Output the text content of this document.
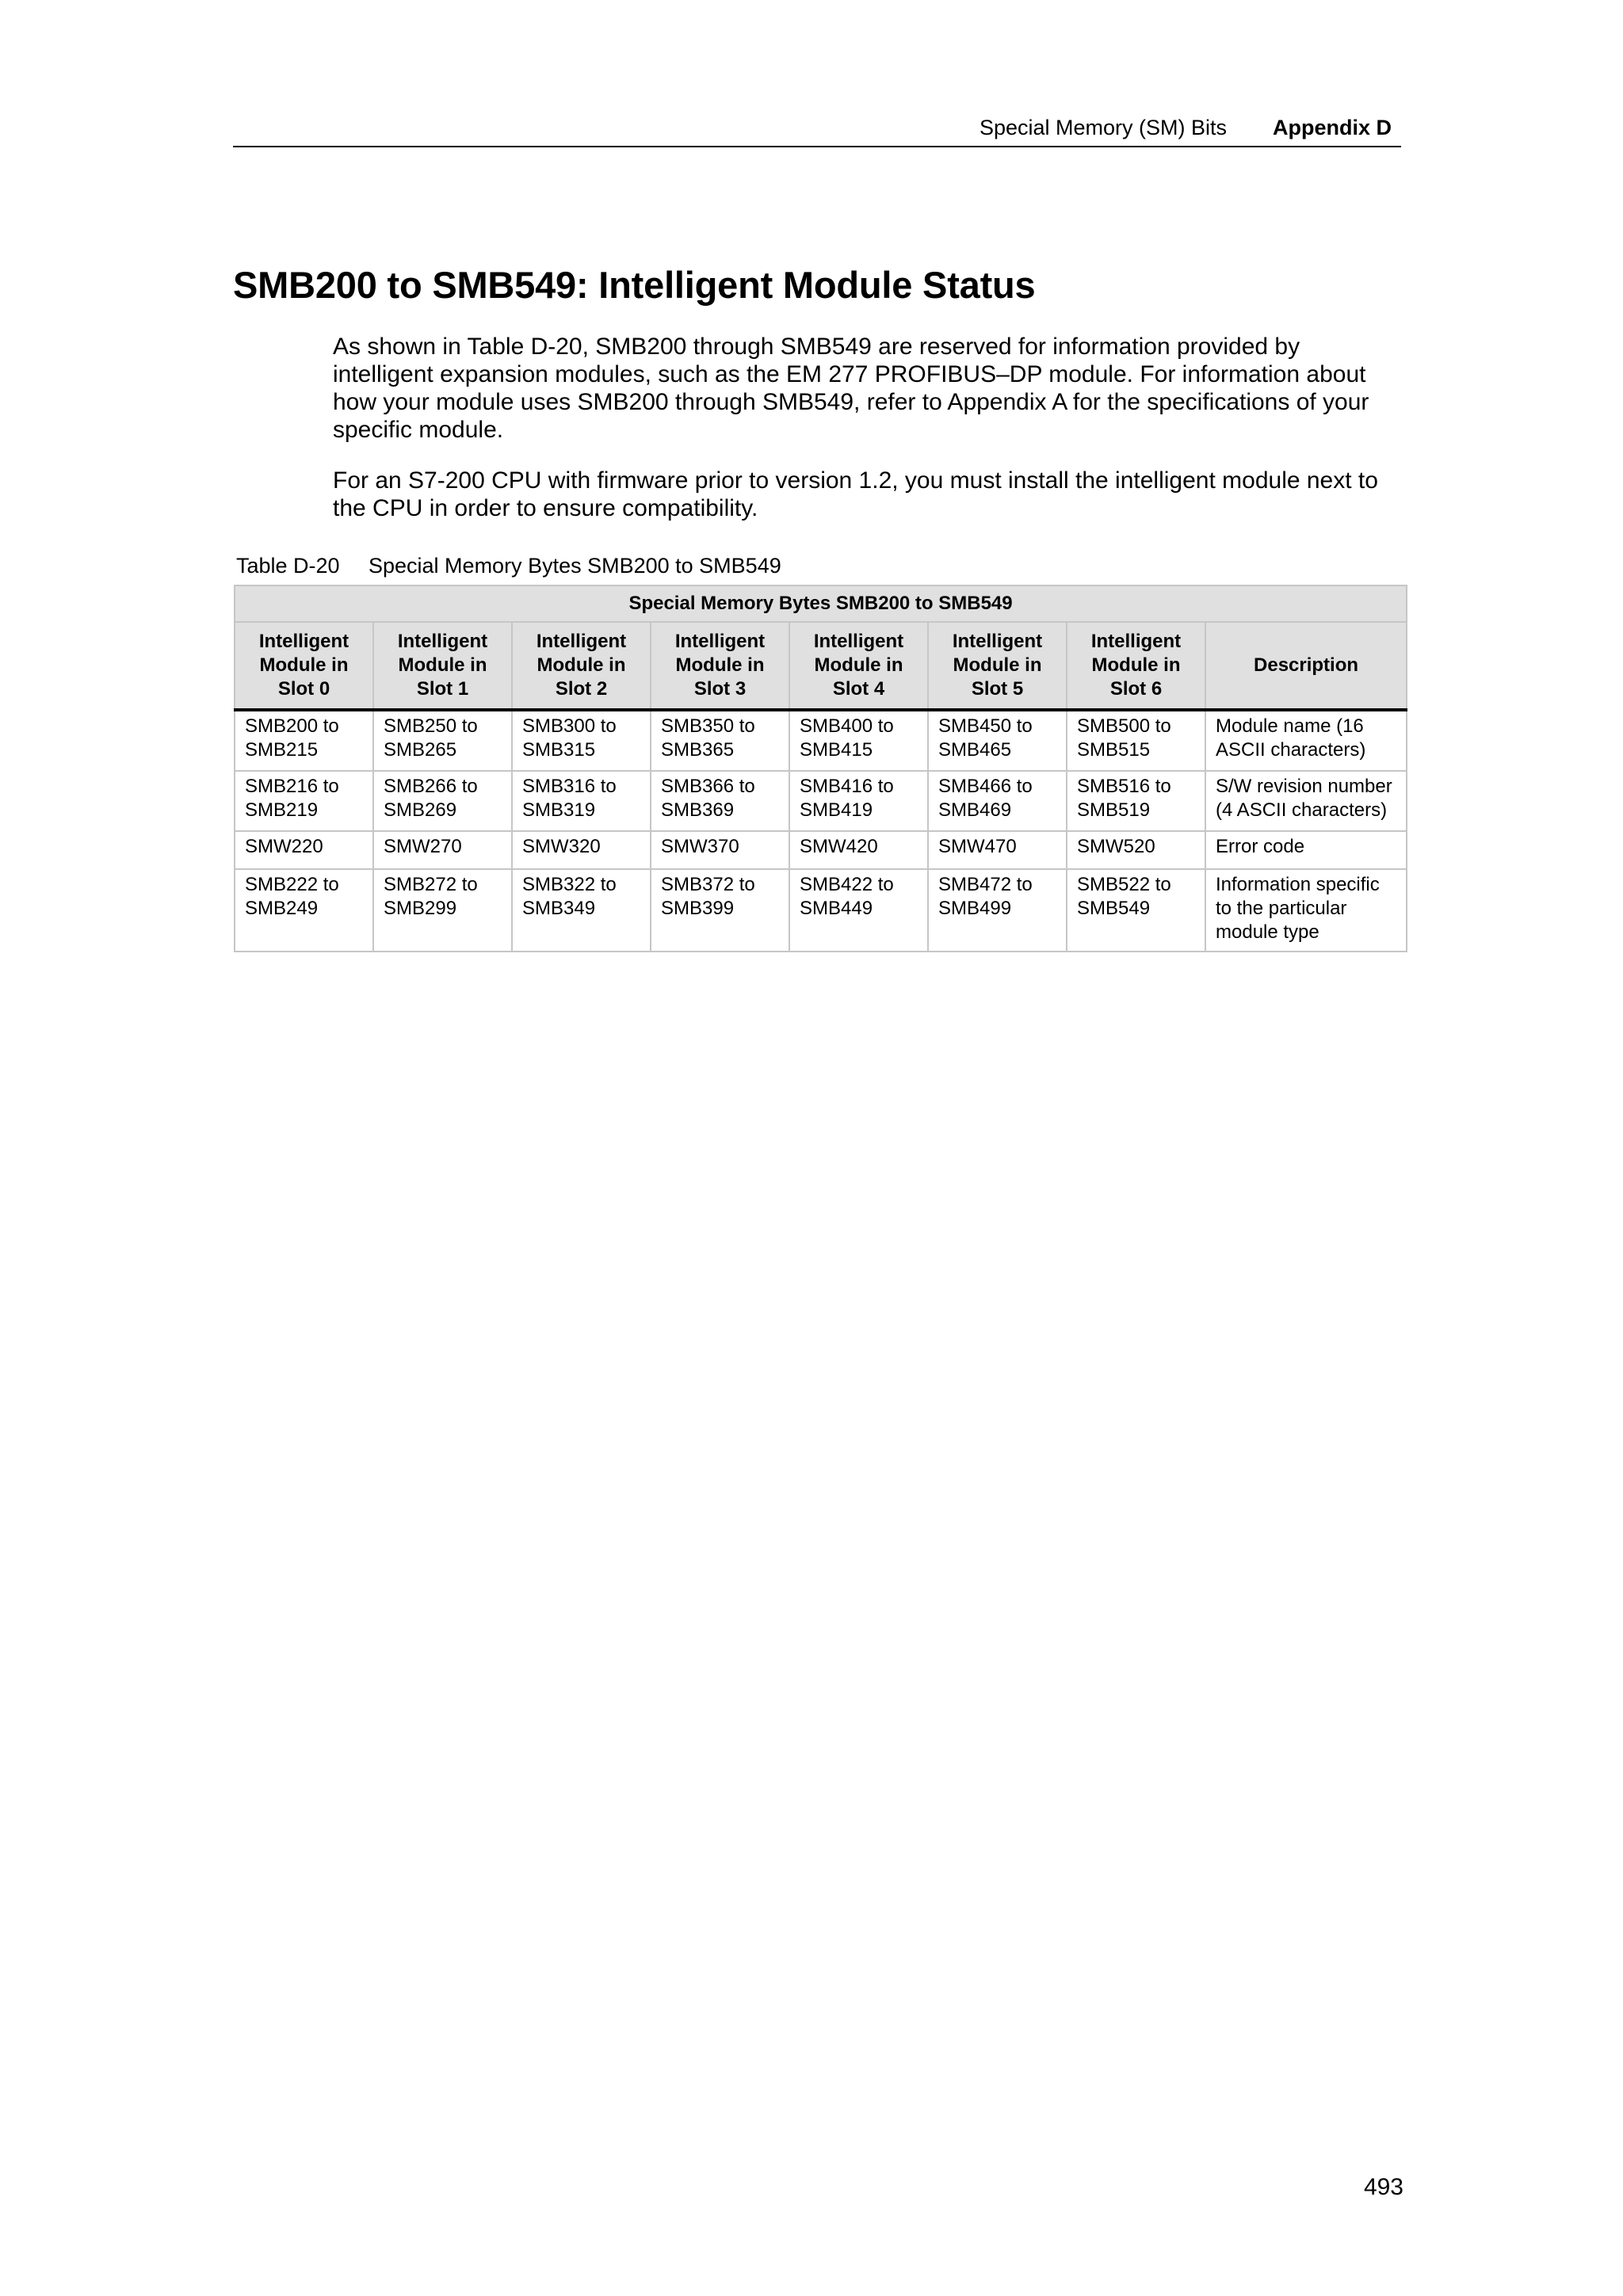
Special Memory (SM) Bits Appendix D
SMB200 to SMB549: Intelligent Module Status

As shown in Table D-20, SMB200 through SMB549 are reserved for information provided by intelligent expansion modules, such as the EM 277 PROFIBUS–DP module. For information about how your module uses SMB200 through SMB549, refer to Appendix A for the specifications of your specific module.

For an S7-200 CPU with firmware prior to version 1.2, you must install the intelligent module next to the CPU in order to ensure compatibility.

Table D-20 Special Memory Bytes SMB200 to SMB549
Special Memory Bytes SMB200 to SMB549							
Intelligent Module in Slot 0	Intelligent Module in Slot 1	Intelligent Module in Slot 2	Intelligent Module in Slot 3	Intelligent Module in Slot 4	Intelligent Module in Slot 5	Intelligent Module in Slot 6	Description
SMB200 to SMB215	SMB250 to SMB265	SMB300 to SMB315	SMB350 to SMB365	SMB400 to SMB415	SMB450 to SMB465	SMB500 to SMB515	Module name (16 ASCII characters)
SMB216 to SMB219	SMB266 to SMB269	SMB316 to SMB319	SMB366 to SMB369	SMB416 to SMB419	SMB466 to SMB469	SMB516 to SMB519	S/W revision number (4 ASCII characters)
SMW220	SMW270	SMW320	SMW370	SMW420	SMW470	SMW520	Error code
SMB222 to SMB249	SMB272 to SMB299	SMB322 to SMB349	SMB372 to SMB399	SMB422 to SMB449	SMB472 to SMB499	SMB522 to SMB549	Information specific to the particular module type
493
